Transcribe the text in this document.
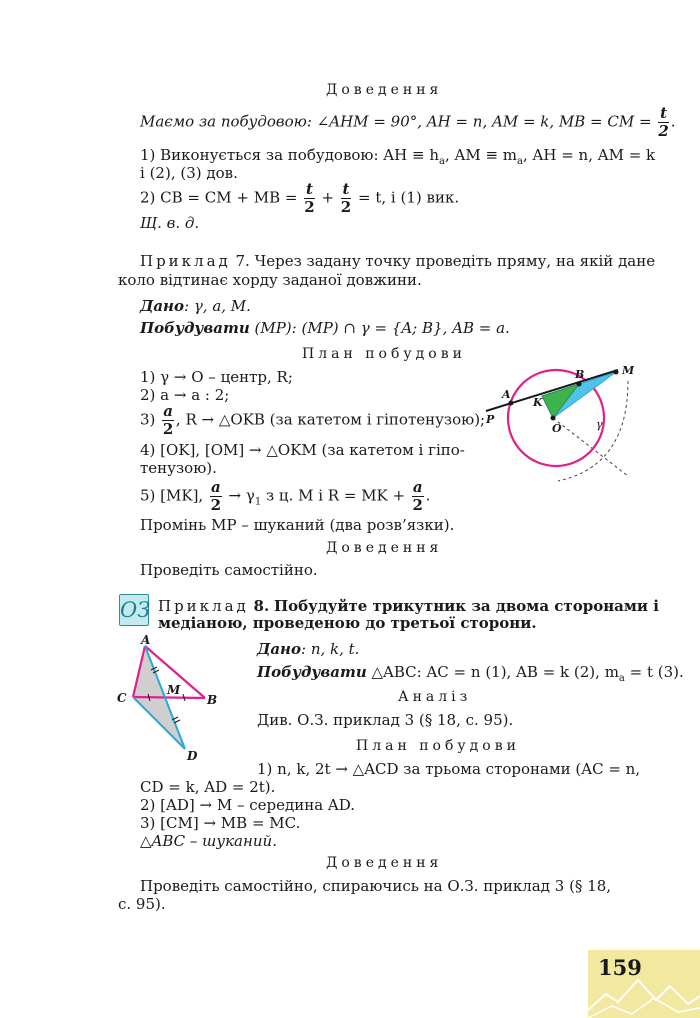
Доведення
Маємо за побудовою: ∠AHM = 90°, AH = n, AM = k, MB = CM = $\frac{t}{2}$ .
1) Виконується за побудовою: AH ≡ $h_a$, AM ≡ $m_a$, AH = n, AM = k
і (2), (3) дов.
2) CB = CM + MB = $\frac{t}{2} + \frac{t}{2} = t$, і (1) вик.
Щ. в. д.
Приклад 7. Через задану точку проведіть пряму, на якій дане
коло відтинає хорду заданої довжини.
Дано: γ, a, M.
Побудувати (MP): (MP) ∩ γ = {A; B}, AB = a.
План побудови
1) γ → O – центр, R;
2) a → a : 2;
$3) \frac{a}{2}$ , R → △OKB (за катетом і гіпотенузою);
4) [OK], [OM] → △OKM (за катетом і гіпо-
тенузою).
5) [MK], $\frac{a}{2} \to \gamma_1$ з ц. M і R = MK + $\frac{a}{2}$ .
Промінь MP – шуканий (два розв’язки).
Доведення
Проведіть самостійно.
A
B	M
P
K
O	γ
ОЗ Приклад 8. Побудуйте трикутник за двома сторонами і
медіаною, проведеною до третьої сторони.
Дано: n, k, t.
Побудувати △ABC: AC = n (1), AB = k (2), $m_a = t$ (3).
Аналіз
Див. О.З. приклад 3 (§ 18, с. 95).
План побудови
1) n, k, 2t → △ACD за трьома сторонами (AC = n,
CD = k, AD = 2t).
2) [AD] → M – середина AD.
3) [CM] → MB = MC.
△ABC – шуканий.
Доведення
Проведіть самостійно, спираючись на О.З. приклад 3 (§ 18,
с. 95).
A
C
M
B
D
159
